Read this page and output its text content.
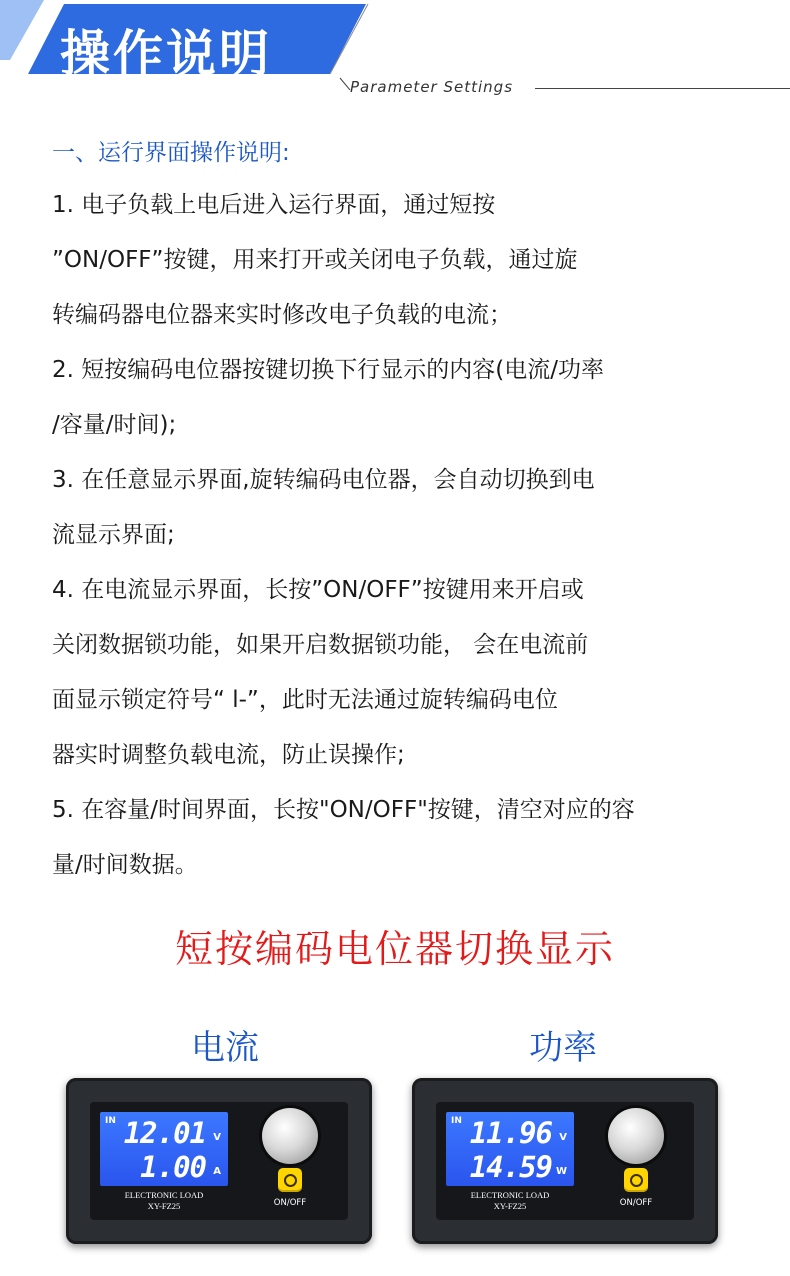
操作说明
Parameter Settings

一、运行界面操作说明:

1. 电子负载上电后进入运行界面，通过短按

”ON/OFF”按键，用来打开或关闭电子负载，通过旋

转编码器电位器来实时修改电子负载的电流；

2. 短按编码电位器按键切换下行显示的内容(电流/功率

/容量/时间);

3. 在任意显示界面,旋转编码电位器，会自动切换到电

流显示界面;

4. 在电流显示界面，长按”ON/OFF”按键用来开启或

关闭数据锁功能，如果开启数据锁功能， 会在电流前

面显示锁定符号“ l-”，此时无法通过旋转编码电位

器实时调整负载电流，防止误操作;

5. 在容量/时间界面，长按"ON/OFF"按键，清空对应的容

量/时间数据。

短按编码电位器切换显示
电流	功率
IN 12.01 V
1.00 A
ELECTRONIC LOAD
XY-FZ25	ON/OFF
IN 11.96 V
14.59 W
ELECTRONIC LOAD
XY-FZ25	ON/OFF
